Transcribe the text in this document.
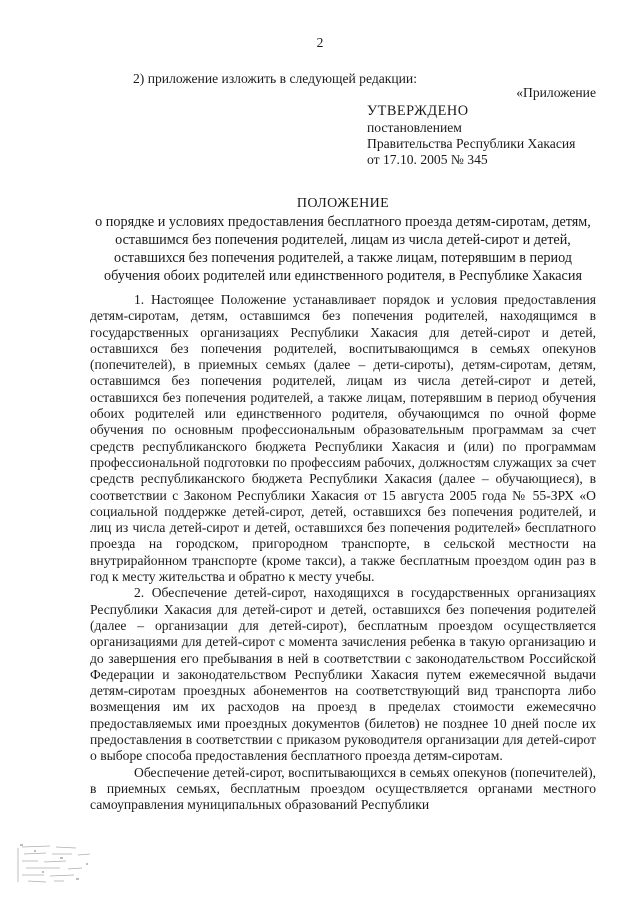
2
2) приложение изложить в следующей редакции:
«Приложение
УТВЕРЖДЕНО
постановлением
Правительства Республики Хакасия
от 17.10. 2005 № 345
ПОЛОЖЕНИЕ
о порядке и условиях предоставления бесплатного проезда детям-сиротам, детям,
оставшимся без попечения родителей, лицам из числа детей-сирот и детей,
оставшихся без попечения родителей, а также лицам, потерявшим в период
обучения обоих родителей или единственного родителя, в Республике Хакасия

1. Настоящее Положение устанавливает порядок и условия предоставления детям-сиротам, детям, оставшимся без попечения родителей, находящимся в государственных организациях Республики Хакасия для детей-сирот и детей, оставшихся без попечения родителей, воспитывающимся в семьях опекунов (попечителей), в приемных семьях (далее – дети-сироты), детям-сиротам, детям, оставшимся без попечения родителей, лицам из числа детей-сирот и детей, оставшихся без попечения родителей, а также лицам, потерявшим в период обучения обоих родителей или единственного родителя, обучающимся по очной форме обучения по основным профессиональным образовательным программам за счет средств республиканского бюджета Республики Хакасия и (или) по программам профессиональной подготовки по профессиям рабочих, должностям служащих за счет средств республиканского бюджета Республики Хакасия (далее – обучающиеся), в соответствии с Законом Республики Хакасия от 15 августа 2005 года № 55-ЗРХ «О социальной поддержке детей-сирот, детей, оставшихся без попечения родителей, и лиц из числа детей-сирот и детей, оставшихся без попечения родителей» бесплатного проезда на городском, пригородном транспорте, в сельской местности на внутрирайонном транспорте (кроме такси), а также бесплатным проездом один раз в год к месту жительства и обратно к месту учебы.

2. Обеспечение детей-сирот, находящихся в государственных организациях Республики Хакасия для детей-сирот и детей, оставшихся без попечения родителей (далее – организации для детей-сирот), бесплатным проездом осуществляется организациями для детей-сирот с момента зачисления ребенка в такую организацию и до завершения его пребывания в ней в соответствии с законодательством Российской Федерации и законодательством Республики Хакасия путем ежемесячной выдачи детям-сиротам проездных абонементов на соответствующий вид транспорта либо возмещения им их расходов на проезд в пределах стоимости ежемесячно предоставляемых ими проездных документов (билетов) не позднее 10 дней после их предоставления в соответствии с приказом руководителя организации для детей-сирот о выборе способа предоставления бесплатного проезда детям-сиротам.

Обеспечение детей-сирот, воспитывающихся в семьях опекунов (попечителей), в приемных семьях, бесплатным проездом осуществляется органами местного самоуправления муниципальных образований Республики
